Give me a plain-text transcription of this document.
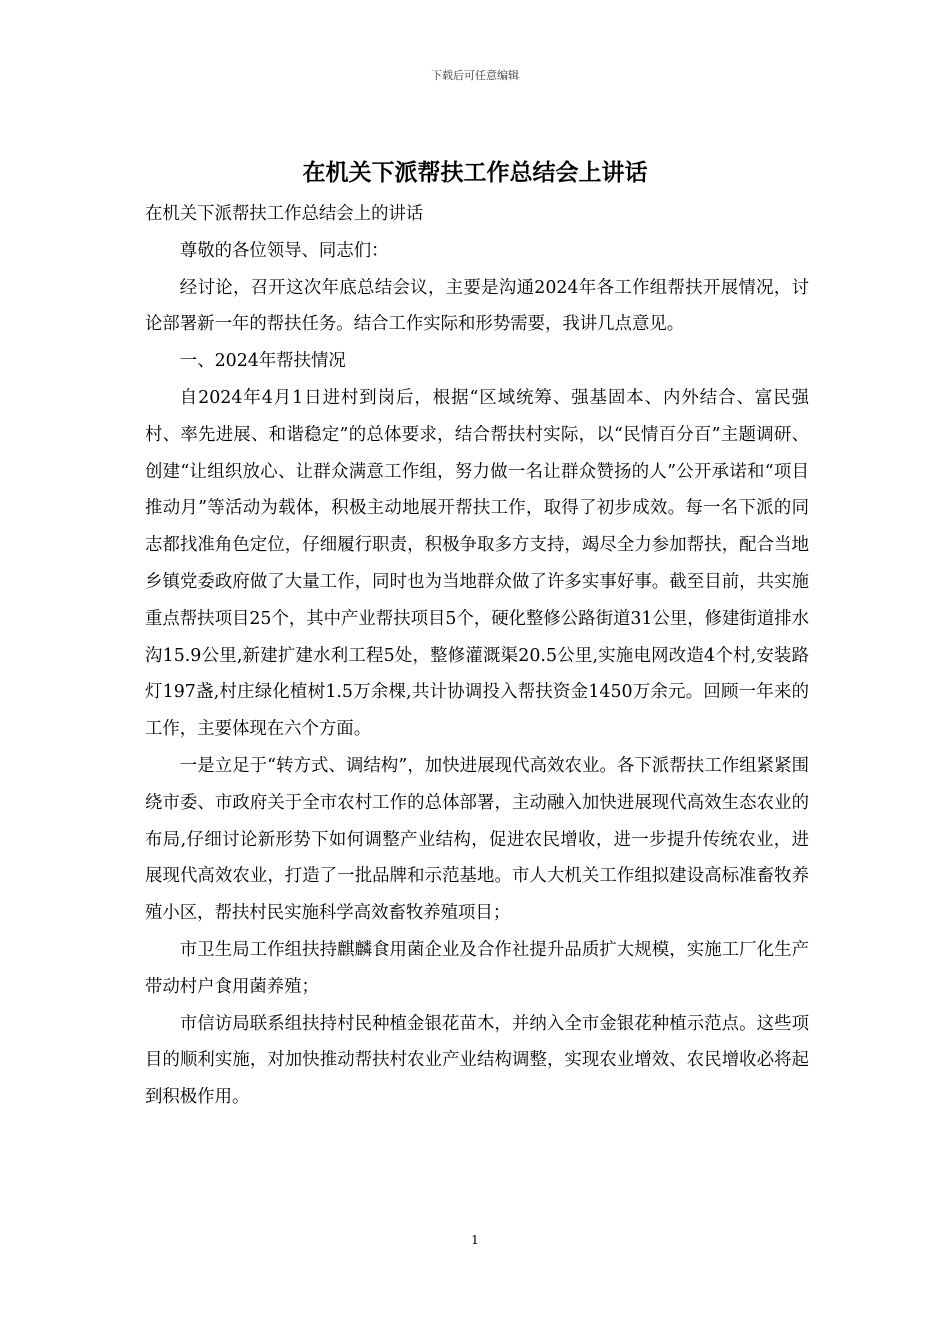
下载后可任意编辑
在机关下派帮扶工作总结会上讲话

在机关下派帮扶工作总结会上的讲话

尊敬的各位领导、同志们：

经讨论，召开这次年底总结会议，主要是沟通2024年各工作组帮扶开展情况，讨论部署新一年的帮扶任务。结合工作实际和形势需要，我讲几点意见。

一、2024年帮扶情况

自2024年4月1日进村到岗后，根据“区域统筹、强基固本、内外结合、富民强村、率先进展、和谐稳定”的总体要求，结合帮扶村实际，以“民情百分百”主题调研、创建“让组织放心、让群众满意工作组，努力做一名让群众赞扬的人”公开承诺和“项目推动月”等活动为载体，积极主动地展开帮扶工作，取得了初步成效。每一名下派的同志都找准角色定位，仔细履行职责，积极争取多方支持，竭尽全力参加帮扶，配合当地乡镇党委政府做了大量工作，同时也为当地群众做了许多实事好事。截至目前，共实施重点帮扶项目25个，其中产业帮扶项目5个，硬化整修公路街道31公里，修建街道排水沟15.9公里,新建扩建水利工程5处，整修灌溉渠20.5公里,实施电网改造4个村,安装路灯197盏,村庄绿化植树1.5万余棵,共计协调投入帮扶资金1450万余元。回顾一年来的工作，主要体现在六个方面。

一是立足于“转方式、调结构”，加快进展现代高效农业。各下派帮扶工作组紧紧围绕市委、市政府关于全市农村工作的总体部署，主动融入加快进展现代高效生态农业的布局,仔细讨论新形势下如何调整产业结构，促进农民增收，进一步提升传统农业，进展现代高效农业，打造了一批品牌和示范基地。市人大机关工作组拟建设高标准畜牧养殖小区，帮扶村民实施科学高效畜牧养殖项目；

市卫生局工作组扶持麒麟食用菌企业及合作社提升品质扩大规模，实施工厂化生产带动村户食用菌养殖；

市信访局联系组扶持村民种植金银花苗木，并纳入全市金银花种植示范点。这些项目的顺利实施，对加快推动帮扶村农业产业结构调整，实现农业增效、农民增收必将起到积极作用。

1
